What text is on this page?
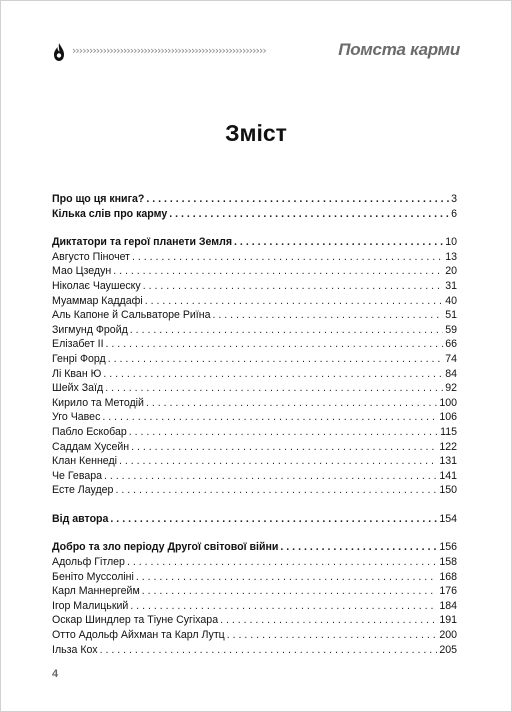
›››››››››››››››››››››››››››››››››››››››››››››››››››››››››	Помста карми
Зміст
Про що ця книга? . . .	3
Кілька слів про карму . . .	6
Диктатори та герої планети Земля . . .	10
Августо Піночет . . .	13
Мао Цзедун . . .	20
Ніколає Чаушеску . . .	31
Муаммар Каддафі . . .	40
Аль Капоне й Сальваторе Риїна . . .	51
Зигмунд Фройд . . .	59
Елізабет II . . .	66
Генрі Форд . . .	74
Лі Кван Ю . . .	84
Шейх Заїд . . .	92
Кирило та Методій . . .	100
Уго Чавес . . .	106
Пабло Ескобар . . .	115
Саддам Хусейн . . .	122
Клан Кеннеді . . .	131
Че Гевара . . .	141
Есте Лаудер . . .	150
Від автора . . .	154
Добро та зло періоду Другої світової війни . . .	156
Адольф Гітлер . . .	158
Беніто Муссоліні . . .	168
Карл Маннергейм . . .	176
Ігор Малицький . . .	184
Оскар Шиндлер та Тіуне Сугіхара . . .	191
Отто Адольф Айхман та Карл Лутц . . .	200
Ільза Кох . . .	205
4
